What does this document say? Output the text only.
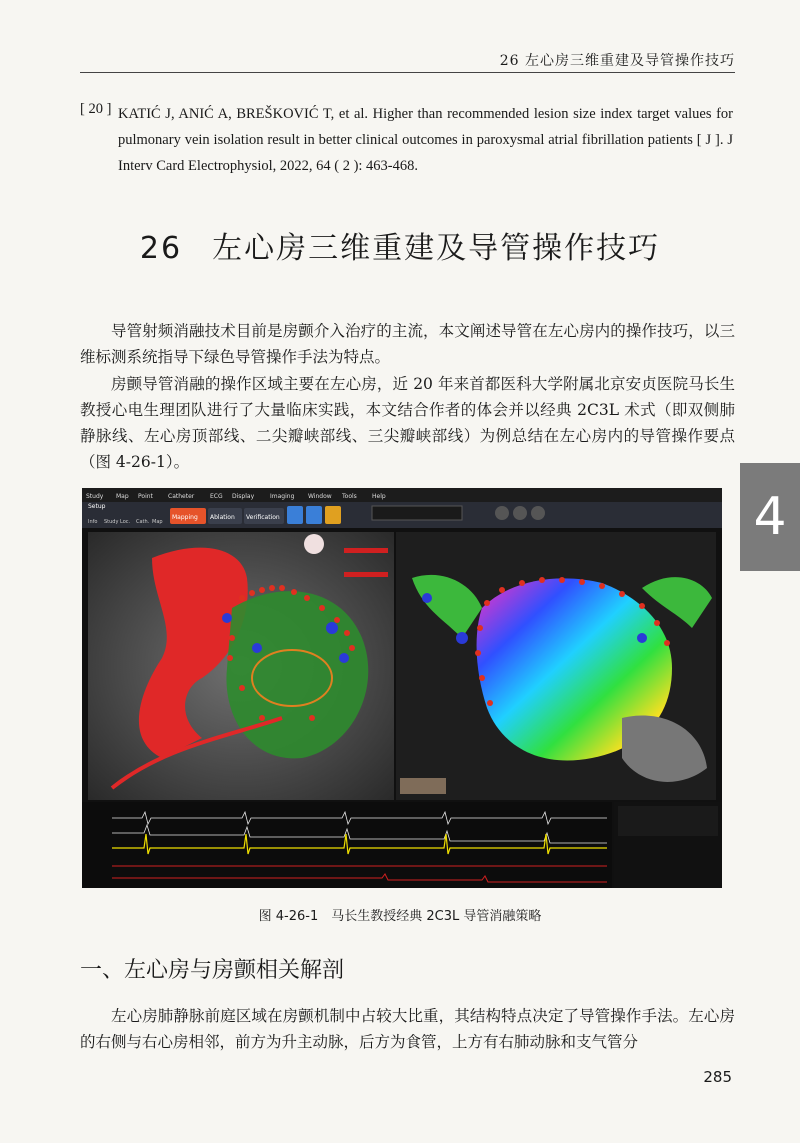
26 左心房三维重建及导管操作技巧
[ 20 ] KATIĆ J, ANIĆ A, BREŠKOVIĆ T, et al. Higher than recommended lesion size index target values for pulmonary vein isolation result in better clinical outcomes in paroxysmal atrial fibrillation patients [ J ]. J Interv Card Electrophysiol, 2022, 64 ( 2 ): 463-468.
26 左心房三维重建及导管操作技巧
导管射频消融技术目前是房颤介入治疗的主流，本文阐述导管在左心房内的操作技巧，以三维标测系统指导下绿色导管操作手法为特点。
房颤导管消融的操作区域主要在左心房，近 20 年来首都医科大学附属北京安贞医院马长生教授心电生理团队进行了大量临床实践，本文结合作者的体会并以经典 2C3L 术式（即双侧肺静脉线、左心房顶部线、二尖瓣峡部线、三尖瓣峡部线）为例总结在左心房内的导管操作要点（图 4-26-1）。
4
Study Map Point	Catheter	ECG Display	Imaging Window Tools	Help
Setup
Mapping Ablation Verification
Info Study Loc. Cath. Map
图 4-26-1　马长生教授经典 2C3L 导管消融策略
一、左心房与房颤相关解剖
左心房肺静脉前庭区域在房颤机制中占较大比重，其结构特点决定了导管操作手法。左心房的右侧与右心房相邻，前方为升主动脉，后方为食管，上方有右肺动脉和支气管分
285
